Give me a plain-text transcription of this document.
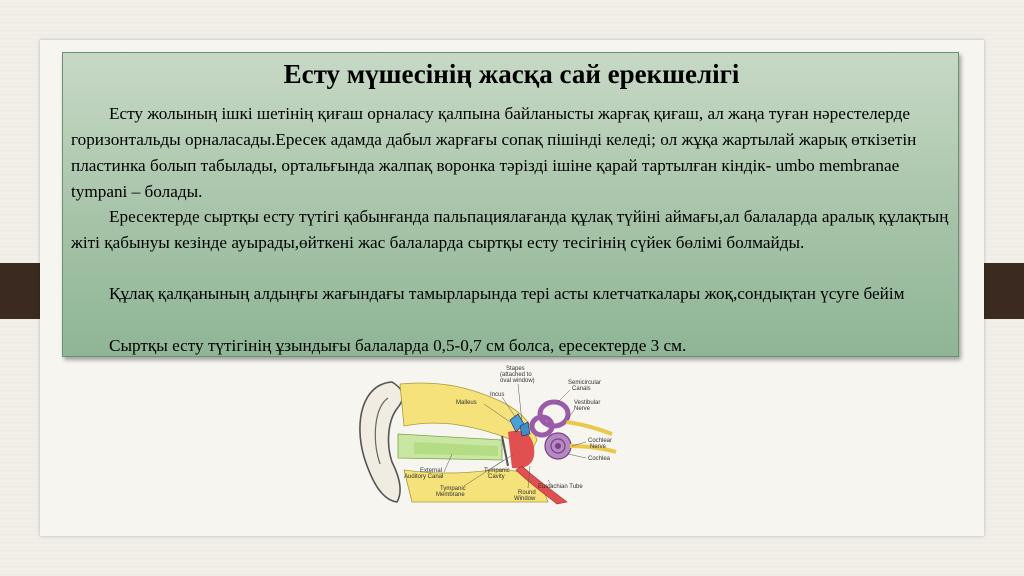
Есту мүшесінің жасқа сай ерекшелігі

Есту жолының ішкі шетінің қиғаш орналасу қалпына байланысты жарғақ қиғаш, ал жаңа туған нәрестелерде горизонтальды орналасады.Ересек адамда дабыл жарғағы сопақ пішінді келеді; ол жұқа жартылай жарық өткізетін пластинка болып табылады, ортальғында жалпақ воронка тәрізді ішіне қарай тартылған кіндік- umbo membranae tympani – болады.

Ересектерде сыртқы есту түтігі қабынғанда пальпациялағанда құлақ түйіні аймағы,ал балаларда аралық құлақтың жіті қабынуы кезінде ауырады,өйткені жас балаларда сыртқы есту тесігінің сүйек бөлімі болмайды.

Құлақ қалқанының алдыңғы жағындағы тамырларында тері асты клетчаткалары жоқ,сондықтан үсуге бейім

Сыртқы есту түтігінің ұзындығы балаларда 0,5-0,7 см болса, ересектерде 3 см.

Stapes
(attached to
oval window)
Incus
Malleus
Semicircular
Canals
Vestibular
Nerve
Cochlear
Nerve
Cochlea
External
Auditory Canal
Tympanic
Cavity
Tympanic
Membrane	Round
Window
Eustachian Tube
